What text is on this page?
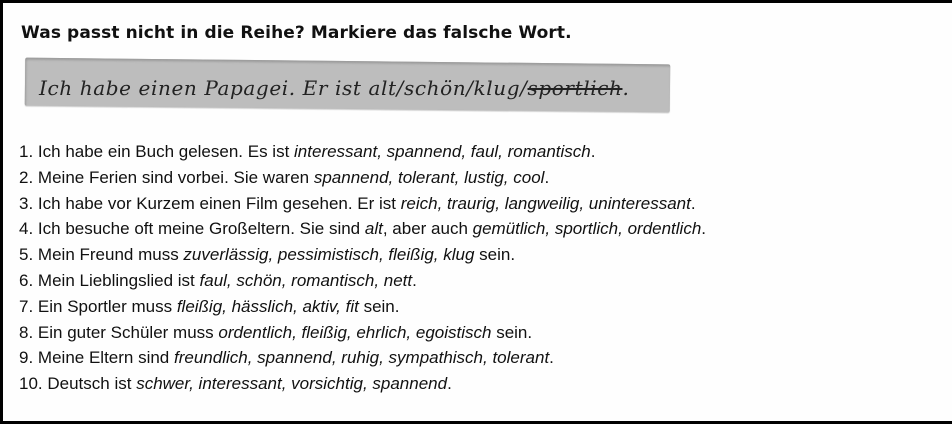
Was passt nicht in die Reihe? Markiere das falsche Wort.
Ich habe einen Papagei. Er ist alt/schön/klug/sportlich.
1. Ich habe ein Buch gelesen. Es ist interessant, spannend, faul, romantisch.
2. Meine Ferien sind vorbei. Sie waren spannend, tolerant, lustig, cool.
3. Ich habe vor Kurzem einen Film gesehen. Er ist reich, traurig, langweilig, uninteressant.
4. Ich besuche oft meine Großeltern. Sie sind alt, aber auch gemütlich, sportlich, ordentlich.
5. Mein Freund muss zuverlässig, pessimistisch, fleißig, klug sein.
6. Mein Lieblingslied ist faul, schön, romantisch, nett.
7. Ein Sportler muss fleißig, hässlich, aktiv, fit sein.
8. Ein guter Schüler muss ordentlich, fleißig, ehrlich, egoistisch sein.
9. Meine Eltern sind freundlich, spannend, ruhig, sympathisch, tolerant.
10. Deutsch ist schwer, interessant, vorsichtig, spannend.
